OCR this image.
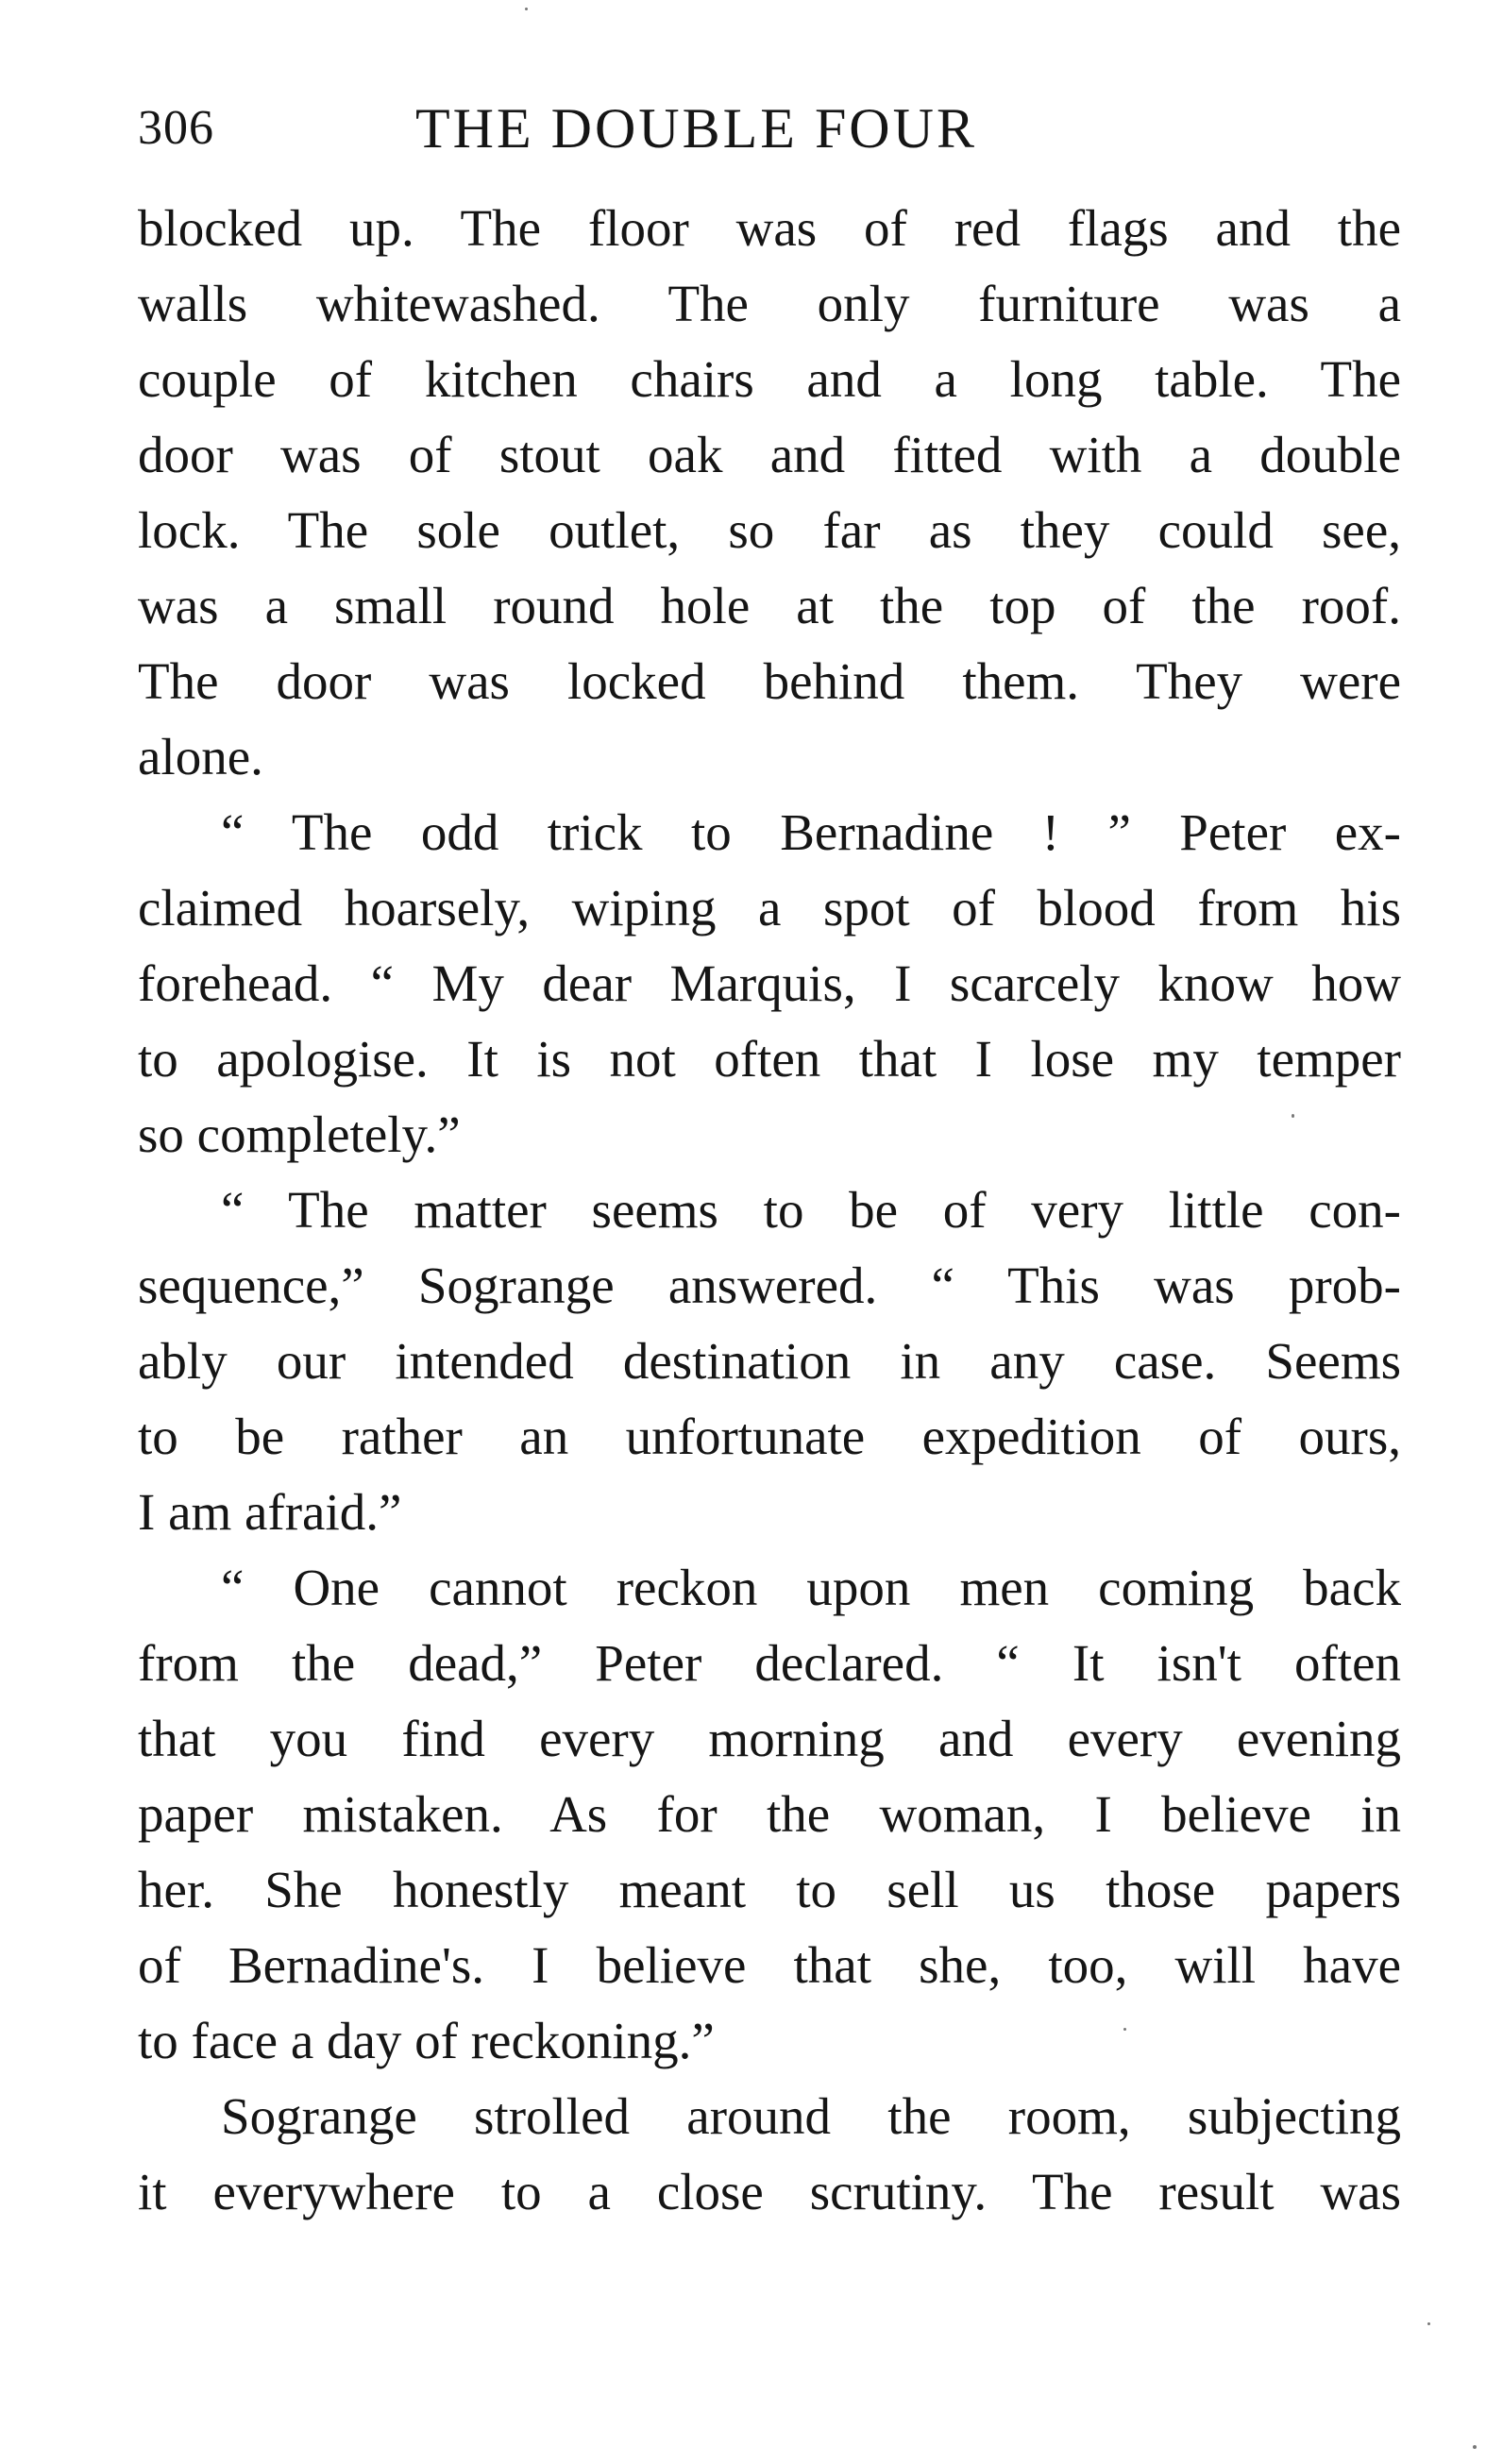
306	THE DOUBLE FOUR
blocked up. The floor was of red flags and the
walls whitewashed. The only furniture was a
couple of kitchen chairs and a long table. The
door was of stout oak and fitted with a double
lock. The sole outlet, so far as they could see,
was a small round hole at the top of the roof.
The door was locked behind them. They were
alone.
“ The odd trick to Bernadine ! ” Peter ex-
claimed hoarsely, wiping a spot of blood from his
forehead. “ My dear Marquis, I scarcely know how
to apologise. It is not often that I lose my temper
so completely.”
“ The matter seems to be of very little con-
sequence,” Sogrange answered. “ This was prob-
ably our intended destination in any case. Seems
to be rather an unfortunate expedition of ours,
I am afraid.”
“ One cannot reckon upon men coming back
from the dead,” Peter declared. “ It isn't often
that you find every morning and every evening
paper mistaken. As for the woman, I believe in
her. She honestly meant to sell us those papers
of Bernadine's. I believe that she, too, will have
to face a day of reckoning.”
Sogrange strolled around the room, subjecting
it everywhere to a close scrutiny. The result was
